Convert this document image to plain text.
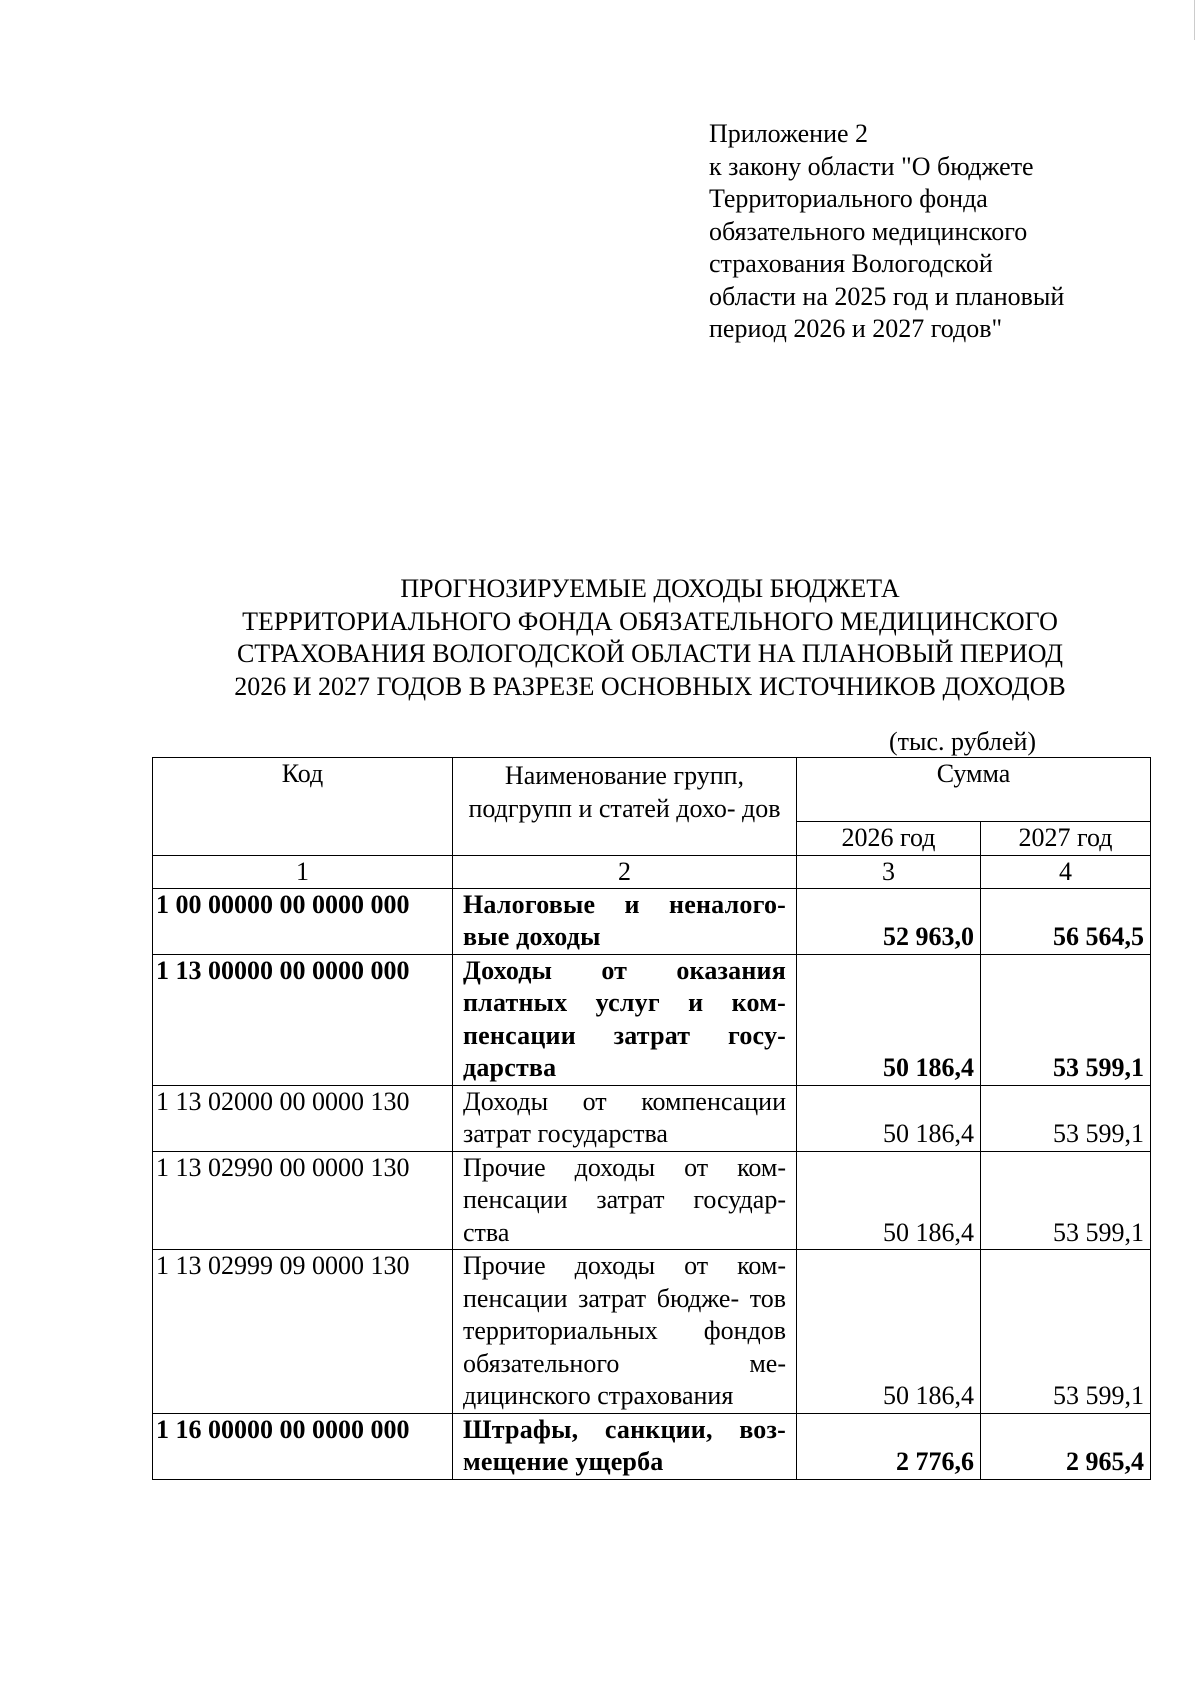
Приложение 2
к закону области "О бюджете
Территориального фонда
обязательного медицинского
страхования Вологодской
области на 2025 год и плановый
период 2026 и 2027 годов"
ПРОГНОЗИРУЕМЫЕ ДОХОДЫ БЮДЖЕТА
ТЕРРИТОРИАЛЬНОГО ФОНДА ОБЯЗАТЕЛЬНОГО МЕДИЦИНСКОГО
СТРАХОВАНИЯ ВОЛОГОДСКОЙ ОБЛАСТИ НА ПЛАНОВЫЙ ПЕРИОД
2026 И 2027 ГОДОВ В РАЗРЕЗЕ ОСНОВНЫХ ИСТОЧНИКОВ ДОХОДОВ
(тыс. рублей)
Код	Наименование групп, подгрупп и статей дохо- дов	Сумма	
		2026 год	2027 год
1	2	3	4
1 00 00000 00 0000 000	Налоговые и неналого- вые доходы	52 963,0	56 564,5
1 13 00000 00 0000 000	Доходы от оказания платных услуг и ком- пенсации затрат госу- дарства	50 186,4	53 599,1
1 13 02000 00 0000 130	Доходы от компенсации затрат государства	50 186,4	53 599,1
1 13 02990 00 0000 130	Прочие доходы от ком- пенсации затрат государ- ства	50 186,4	53 599,1
1 13 02999 09 0000 130	Прочие доходы от ком- пенсации затрат бюдже- тов территориальных фондов обязательного ме- дицинского страхования	50 186,4	53 599,1
1 16 00000 00 0000 000	Штрафы, санкции, воз- мещение ущерба	2 776,6	2 965,4
